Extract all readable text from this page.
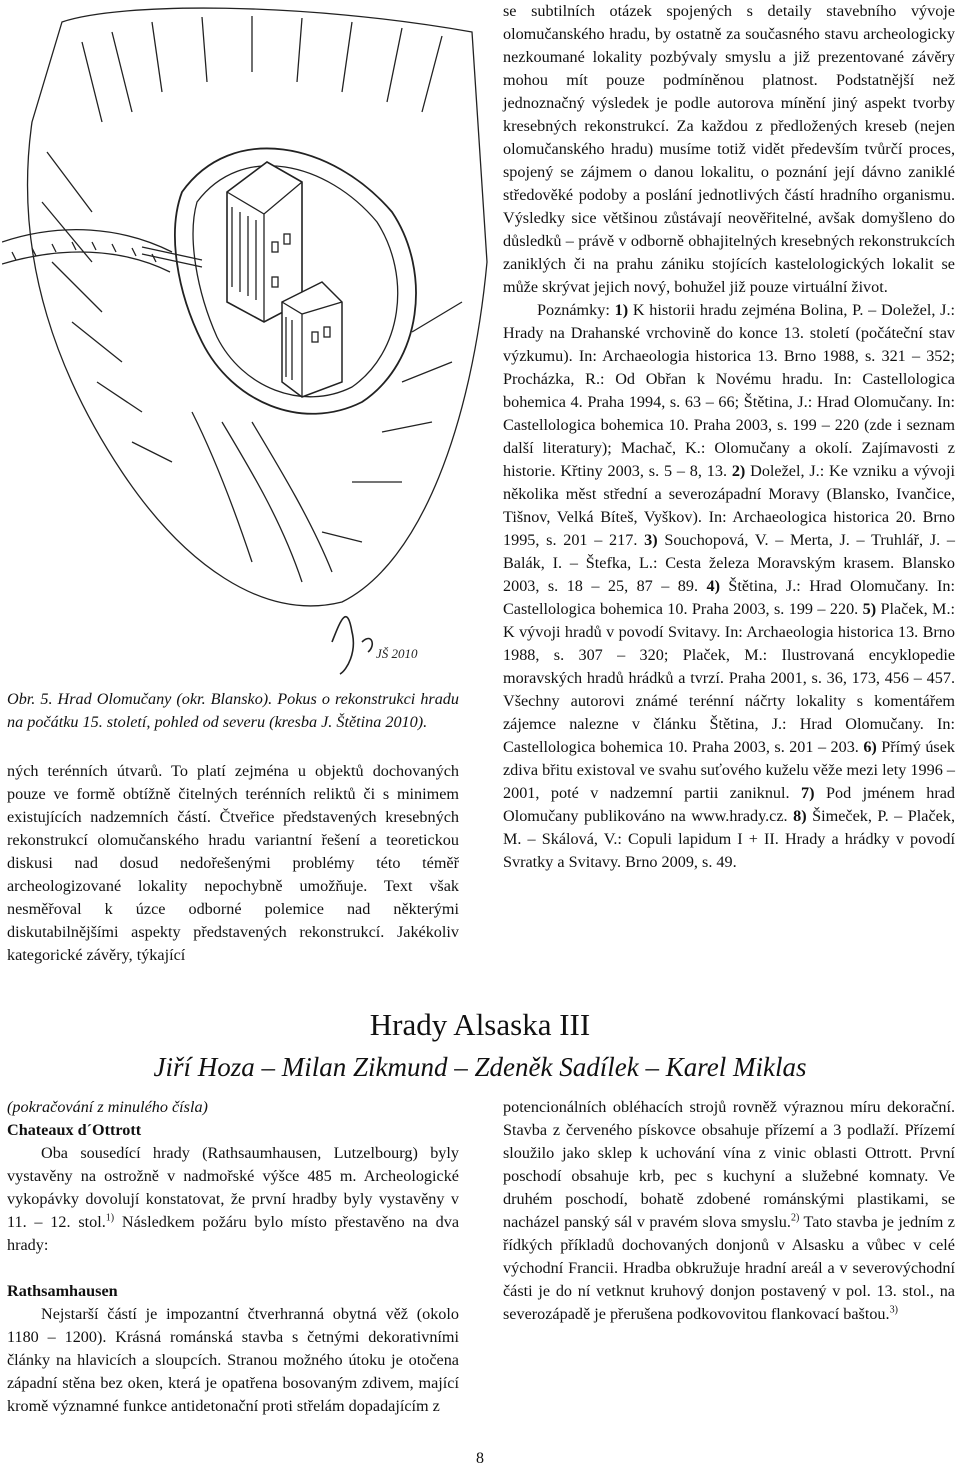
JŠ 2010

se subtilních otázek spojených s detaily stavebního vývoje olomučanského hradu, by ostatně za současného stavu archeologicky nezkoumané lokality pozbývaly smyslu a již prezentované závěry mohou mít pouze podmíněnou platnost. Podstatnější než jednoznačný výsledek je podle autorova mínění jiný aspekt tvorby kresebných rekonstrukcí. Za každou z předložených kreseb (nejen olomučanského hradu) musíme totiž vidět především tvůrčí proces, spojený se zájmem o danou lokalitu, o poznání její dávno zaniklé středověké podoby a poslání jednotlivých částí hradního organismu. Výsledky sice většinou zůstávají neověřitelné, avšak domyšleno do důsledků – právě v odborně obhajitelných kresebných rekonstrukcích zaniklých či na prahu zániku stojících kastelologických lokalit se může skrývat jejich nový, bohužel již pouze virtuální život.

Poznámky: 1) K historii hradu zejména Bolina, P. – Doležel, J.: Hrady na Drahanské vrchovině do konce 13. století (počáteční stav výzkumu). In: Archaeologia historica 13. Brno 1988, s. 321 – 352; Procházka, R.: Od Obřan k Novému hradu. In: Castellologica bohemica 4. Praha 1994, s. 63 – 66; Štětina, J.: Hrad Olomučany. In: Castellologica bohemica 10. Praha 2003, s. 199 – 220 (zde i seznam další literatury); Machač, K.: Olomučany a okolí. Zajímavosti z historie. Křtiny 2003, s. 5 – 8, 13. 2) Doležel, J.: Ke vzniku a vývoji několika měst střední a severozápadní Moravy (Blansko, Ivančice, Tišnov, Velká Bíteš, Vyškov). In: Archaeologica historica 20. Brno 1995, s. 201 – 217. 3) Souchopová, V. – Merta, J. – Truhlář, J. – Balák, I. – Štefka, L.: Cesta železa Moravským krasem. Blansko 2003, s. 18 – 25, 87 – 89. 4) Štětina, J.: Hrad Olomučany. In: Castellologica bohemica 10. Praha 2003, s. 199 – 220. 5) Plaček, M.: K vývoji hradů v povodí Svitavy. In: Archaeologia historica 13. Brno 1988, s. 307 – 320; Plaček, M.: Ilustrovaná encyklopedie moravských hradů hrádků a tvrzí. Praha 2001, s. 36, 173, 456 – 457. Všechny autorovi známé terénní náčrty lokality s komentářem zájemce nalezne v článku Štětina, J.: Hrad Olomučany. In: Castellologica bohemica 10. Praha 2003, s. 201 – 203. 6) Přímý úsek zdiva břitu existoval ve svahu suťového kuželu věže mezi lety 1996 – 2001, poté v nadzemní partii zaniknul. 7) Pod jménem hrad Olomučany publikováno na www.hrady.cz. 8) Šimeček, P. – Plaček, M. – Skálová, V.: Copuli lapidum I + II. Hrady a hrádky v povodí Svratky a Svitavy. Brno 2009, s. 49.

Obr. 5. Hrad Olomučany (okr. Blansko). Pokus o rekonstrukci hradu na počátku 15. století, pohled od severu (kresba J. Štětina 2010).

ných terénních útvarů. To platí zejména u objektů dochovaných pouze ve formě obtížně čitelných terénních reliktů či s minimem existujících nadzemních částí. Čtveřice představených kresebných rekonstrukcí olomučanského hradu variantní řešení a teoretickou diskusi nad dosud nedořešenými problémy této téměř archeologizované lokality nepochybně umožňuje. Text však nesměřoval k úzce odborné polemice nad některými diskutabilnějšími aspekty představených rekonstrukcí. Jakékoliv kategorické závěry, týkající

Hrady Alsaska III
Jiří Hoza – Milan Zikmund – Zdeněk Sadílek – Karel Miklas

(pokračování z minulého čísla)

Chateaux d´Ottrott

Oba sousedící hrady (Rathsaumhausen, Lutzelbourg) byly vystavěny na ostrožně v nadmořské výšce 485 m. Archeologické vykopávky dovolují konstatovat, že první hradby byly vystavěny v 11. – 12. stol.$^{1)}$ Následkem požáru bylo místo přestavěno na dva hrady:

Rathsamhausen

Nejstarší částí je impozantní čtverhranná obytná věž (okolo 1180 – 1200). Krásná románská stavba s četnými dekorativními články na hlavicích a sloupcích. Stranou možného útoku je otočena západní stěna bez oken, která je opatřena bosovaným zdivem, mající kromě významné funkce antidetonační proti střelám dopadajícím z

potencionálních obléhacích strojů rovněž výraznou míru dekorační. Stavba z červeného pískovce obsahuje přízemí a 3 podlaží. Přízemí sloužilo jako sklep k uchování vína z vinic oblasti Ottrott. První poschodí obsahuje krb, pec s kuchyní a služebné komnaty. Ve druhém poschodí, bohatě zdobené románskými plastikami, se nacházel panský sál v pravém slova smyslu.$^{2)}$ Tato stavba je jedním z řídkých příkladů dochovaných donjonů v Alsasku a vůbec v celé východní Francii. Hradba obkružuje hradní areál a v severovýchodní části je do ní vetknut kruhový donjon postavený v pol. 13. stol., na severozápadě je přerušena podkovovitou flankovací baštou.$^{3)}$

8
